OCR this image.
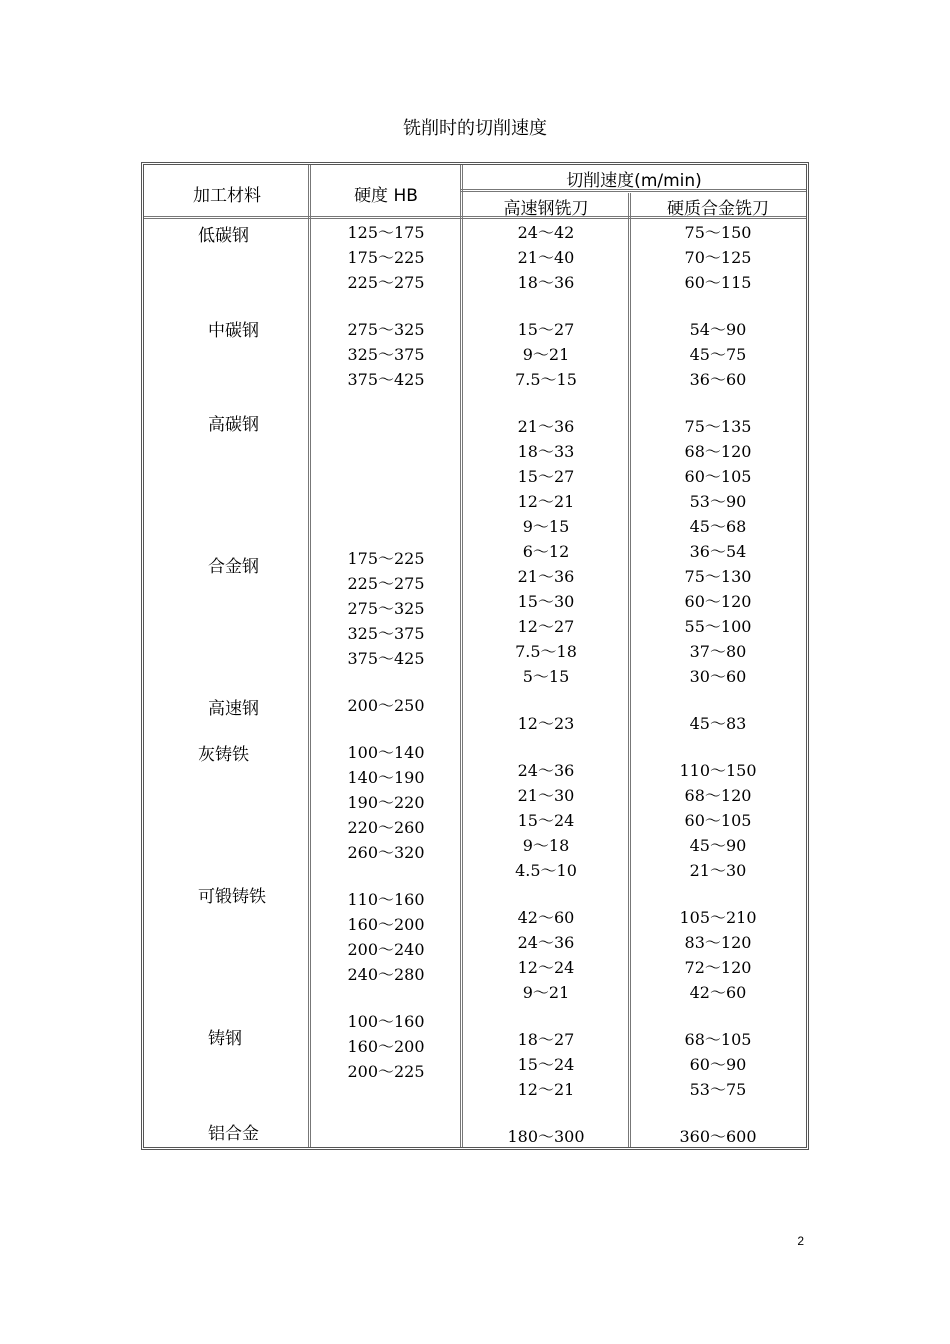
铣削时的切削速度
加工材料	硬度 HB
切削速度(m/min)
高速钢铣刀	硬质合金铣刀
低碳钢
中碳钢
高碳钢
合金钢
高速钢
灰铸铁
可锻铸铁
铸钢
铝合金
125～175
175～225
225～275
275～325
325～375
375～425
175～225
225～275
275～325
325～375
375～425
200～250
100～140
140～190
190～220
220～260
260～320
110～160
160～200
200～240
240～280
100～160
160～200
200～225
24～42
21～40
18～36
15～27
9～21
7.5～15
21～36
18～33
15～27
12～21
9～15
6～12
21～36
15～30
12～27
7.5～18
5～15
12～23
24～36
21～30
15～24
9～18
4.5～10
42～60
24～36
12～24
9～21
18～27
15～24
12～21
180～300
75～150
70～125
60～115
54～90
45～75
36～60
75～135
68～120
60～105
53～90
45～68
36～54
75～130
60～120
55～100
37～80
30～60
45～83
110～150
68～120
60～105
45～90
21～30
105～210
83～120
72～120
42～60
68～105
60～90
53～75
360～600
2
